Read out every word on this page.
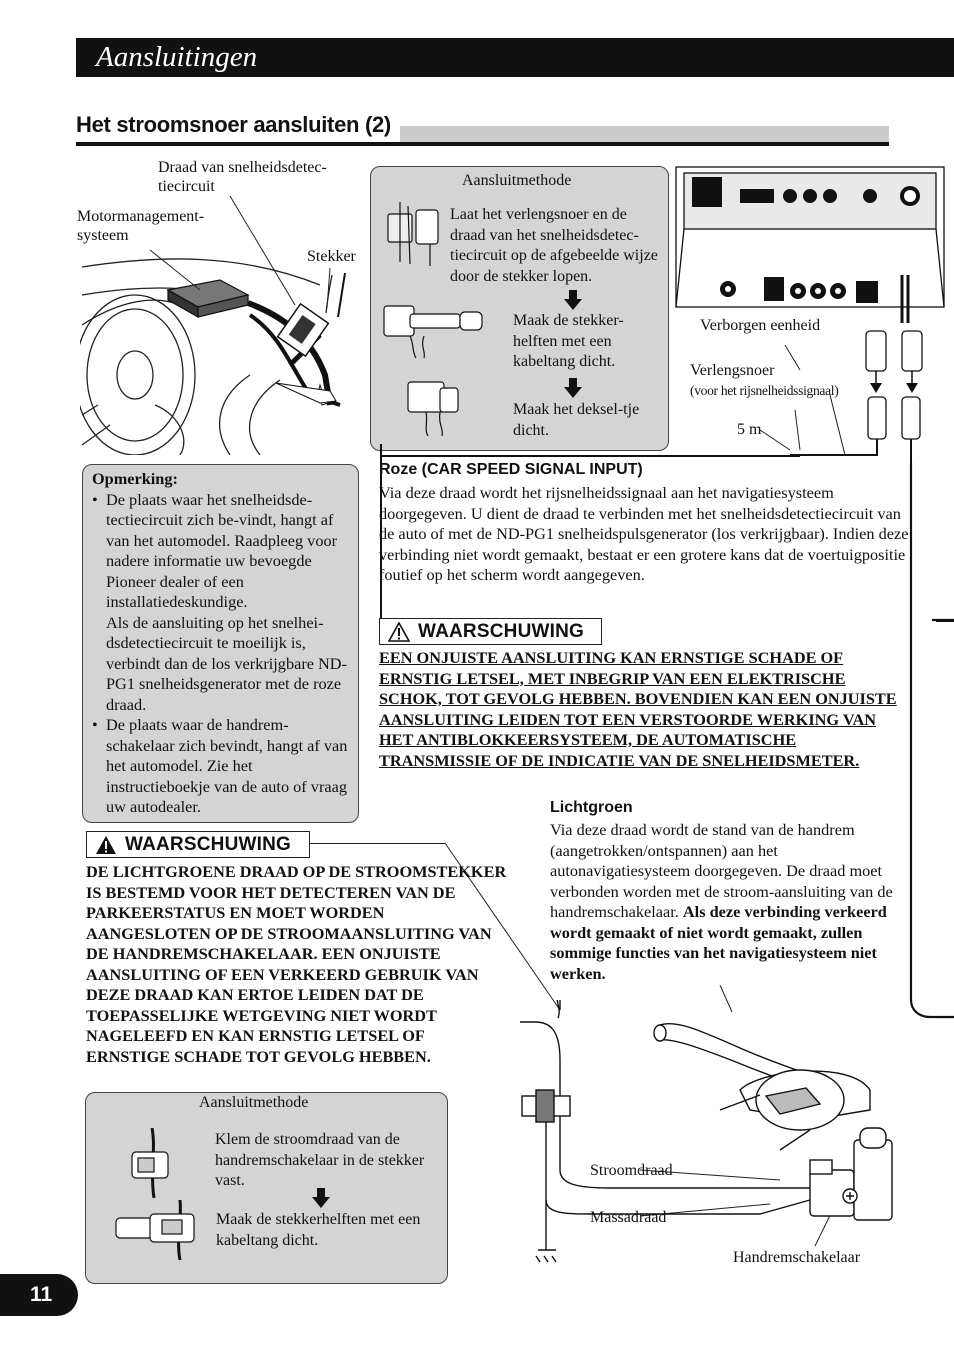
Aansluitingen
Het stroomsnoer aansluiten (2)
Draad van snelheidsdetec-
tiecircuit
Motormanagement-
systeem
Stekker
Aansluitmethode
Laat het verlengsnoer en de draad van het snelheidsdetec-tiecircuit op de afgebeelde wijze door de stekker lopen.
Maak de stekker-helften met een kabeltang dicht.
Maak het deksel-tje dicht.
Verborgen eenheid
Verlengsnoer
(voor het rijsnelheidssignaal)
5 m
Opmerking:
• De plaats waar het snelheidsde-tectiecircuit zich be-vindt, hangt af van het automodel. Raadpleeg voor nadere informatie uw bevoegde Pioneer dealer of een installatiedeskundige.
Als de aansluiting op het snelhei-dsdetectiecircuit te moeilijk is, verbindt dan de los verkrijgbare ND-PG1 snelheidsgenerator met de roze draad.
• De plaats waar de handrem-schakelaar zich bevindt, hangt af van het automodel. Zie het instructieboekje van de auto of vraag uw autodealer.
Roze (CAR SPEED SIGNAL INPUT)
Via deze draad wordt het rijsnelheidssignaal aan het navigatiesysteem doorgegeven. U dient de draad te verbinden met het snelheidsdetectiecircuit van de auto of met de ND-PG1 snelheidspulsgenerator (los verkrijgbaar). Indien deze verbinding niet wordt gemaakt, bestaat er een grotere kans dat de voertuigpositie foutief op het scherm wordt aangegeven.
WAARSCHUWING
EEN ONJUISTE AANSLUITING KAN ERNSTIGE SCHADE OF ERNSTIG LETSEL, MET INBEGRIP VAN EEN ELEKTRISCHE SCHOK, TOT GEVOLG HEBBEN. BOVENDIEN KAN EEN ONJUISTE AANSLUITING LEIDEN TOT EEN VERSTOORDE WERKING VAN HET ANTIBLOKKEERSYSTEEM, DE AUTOMATISCHE TRANSMISSIE OF DE INDICATIE VAN DE SNELHEIDSMETER.
Lichtgroen
Via deze draad wordt de stand van de handrem (aangetrokken/ontspannen) aan het autonavigatiesysteem doorgegeven. De draad moet verbonden worden met de stroom-aansluiting van de handremschakelaar. Als deze verbinding verkeerd wordt gemaakt of niet wordt gemaakt, zullen sommige functies van het navigatiesysteem niet werken.
WAARSCHUWING
DE LICHTGROENE DRAAD OP DE STROOMSTEKKER IS BESTEMD VOOR HET DETECTEREN VAN DE PARKEERSTATUS EN MOET WORDEN AANGESLOTEN OP DE STROOMAANSLUITING VAN DE HANDREMSCHAKELAAR. EEN ONJUISTE AANSLUITING OF EEN VERKEERD GEBRUIK VAN DEZE DRAAD KAN ERTOE LEIDEN DAT DE TOEPASSELIJKE WETGEVING NIET WORDT NAGELEEFD EN KAN ERNSTIG LETSEL OF ERNSTIGE SCHADE TOT GEVOLG HEBBEN.
Aansluitmethode
Klem de stroomdraad van de handremschakelaar in de stekker vast.
Maak de stekkerhelften met een kabeltang dicht.
Stroomdraad
Massadraad
Handremschakelaar
11
